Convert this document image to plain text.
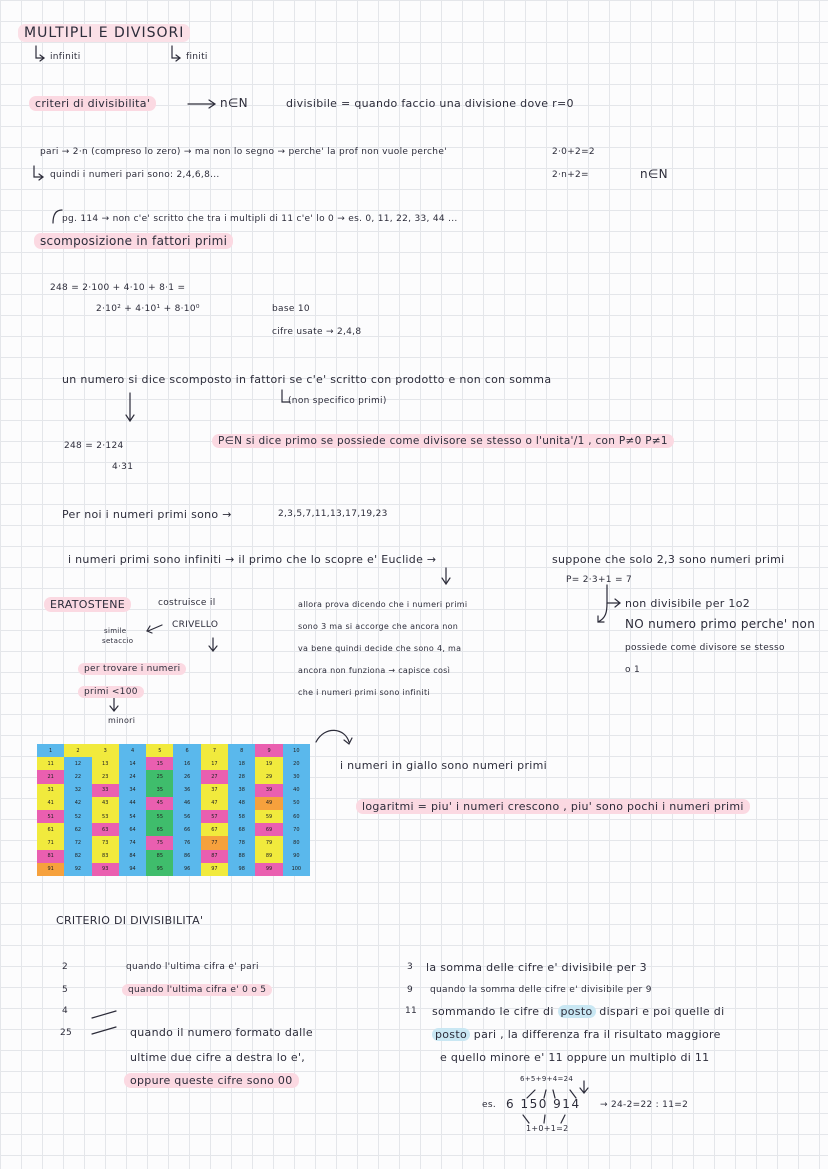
MULTIPLI E DIVISORI
infiniti	finiti
criteri di divisibilita'	n∈N	divisibile = quando faccio una divisione dove r=0
pari → 2·n (compreso lo zero) → ma non lo segno → perche' la prof non vuole perche'
quindi i numeri pari sono: 2,4,6,8...
2·0+2=2
2·n+2=	n∈N
pg. 114 → non c'e' scritto che tra i multipli di 11 c'e' lo 0 → es. 0, 11, 22, 33, 44 ...
scomposizione in fattori primi
248 = 2·100 + 4·10 + 8·1 =
2·10² + 4·10¹ + 8·10⁰	base 10
cifre usate → 2,4,8
un numero si dice scomposto in fattori se c'e' scritto con prodotto e non con somma
(non specifico primi)
248 = 2·124
4·31
P∈N si dice primo se possiede come divisore se stesso o l'unita'/1 , con P≠0 P≠1
Per noi i numeri primi sono →	2,3,5,7,11,13,17,19,23
i numeri primi sono infiniti → il primo che lo scopre e' Euclide →	suppone che solo 2,3 sono numeri primi
P= 2·3+1 = 7
non divisibile per 1o2
NO numero primo perche' non
possiede come divisore se stesso
o 1
ERATOSTENE	costruisce il
CRIVELLO
simile
setaccio
per trovare i numeri
primi <100
minori
allora prova dicendo che i numeri primi
sono 3 ma si accorge che ancora non
va bene quindi decide che sono 4, ma
ancora non funziona → capisce così
che i numeri primi sono infiniti
1	2	3	4	5	6	7	8	9	10
11	12	13	14	15	16	17	18	19	20
21	22	23	24	25	26	27	28	29	30
31	32	33	34	35	36	37	38	39	40
41	42	43	44	45	46	47	48	49	50
51	52	53	54	55	56	57	58	59	60
61	62	63	64	65	66	67	68	69	70
71	72	73	74	75	76	77	78	79	80
81	82	83	84	85	86	87	88	89	90
91	92	93	94	95	96	97	98	99	100
i numeri in giallo sono numeri primi
logaritmi = piu' i numeri crescono , piu' sono pochi i numeri primi
CRITERIO DI DIVISIBILITA'
2	quando l'ultima cifra e' pari
5	quando l'ultima cifra e' 0 o 5
4
25	quando il numero formato dalle
ultime due cifre a destra lo e',
oppure queste cifre sono 00
3 la somma delle cifre e' divisibile per 3
9 quando la somma delle cifre e' divisibile per 9
11 sommando le cifre di posto dispari e poi quelle di
posto pari , la differenza fra il risultato maggiore
e quello minore e' 11 oppure un multiplo di 11
6+5+9+4=24
es. 6 150 914 → 24-2=22 : 11=2
1+0+1=2
